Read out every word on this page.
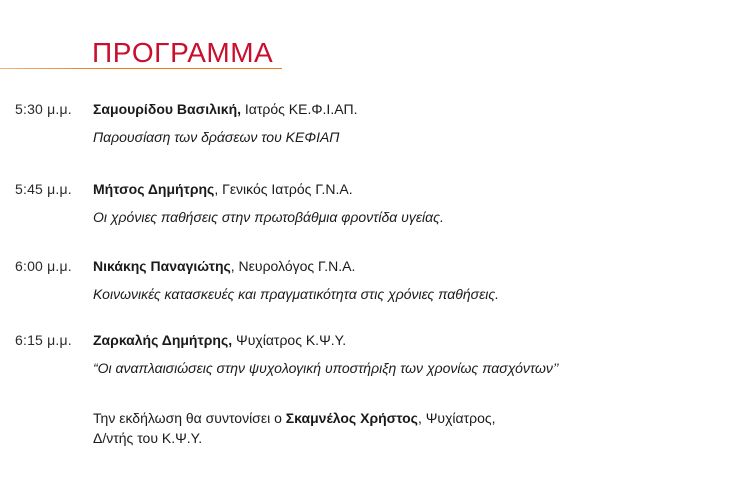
ΠΡΟΓΡΑΜΜΑ
5:30 μ.μ. Σαμουρίδου Βασιλική, Ιατρός ΚΕ.Φ.Ι.ΑΠ.
Παρουσίαση των δράσεων του ΚΕΦΙΑΠ
5:45 μ.μ. Μήτσος Δημήτρης, Γενικός Ιατρός Γ.Ν.Α.
Οι χρόνιες παθήσεις στην πρωτοβάθμια φροντίδα υγείας.
6:00 μ.μ. Νικάκης Παναγιώτης, Νευρολόγος Γ.Ν.Α.
Κοινωνικές κατασκευές και πραγματικότητα στις χρόνιες παθήσεις.
6:15 μ.μ. Ζαρκαλής Δημήτρης, Ψυχίατρος Κ.Ψ.Υ.
“Οι αναπλαισιώσεις στην ψυχολογική υποστήριξη των χρονίως πασχόντων’’
Την εκδήλωση θα συντονίσει ο Σκαμνέλος Χρήστος, Ψυχίατρος,
Δ/ντής του Κ.Ψ.Υ.
